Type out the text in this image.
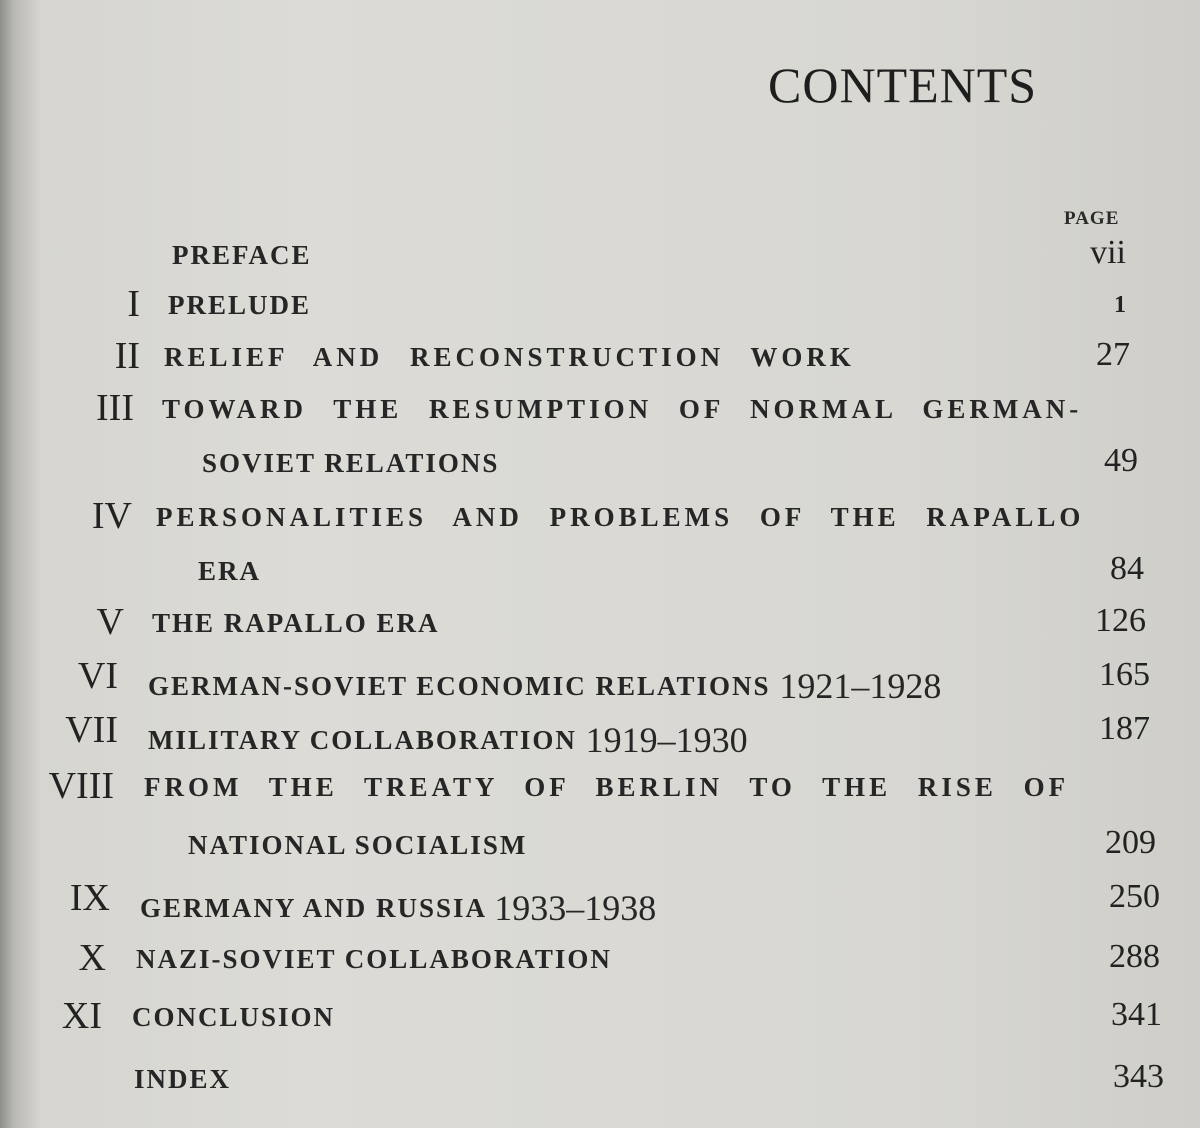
CONTENTS
PAGE
PREFACE	vii
I PRELUDE	1
II RELIEF AND RECONSTRUCTION WORK	27
III TOWARD THE RESUMPTION OF NORMAL GERMAN-
SOVIET RELATIONS	49
IV PERSONALITIES AND PROBLEMS OF THE RAPALLO
ERA	84
V THE RAPALLO ERA	126
VI GERMAN-SOVIET ECONOMIC RELATIONS 1921–1928	165
VII MILITARY COLLABORATION 1919–1930	187
VIII FROM THE TREATY OF BERLIN TO THE RISE OF
NATIONAL SOCIALISM	209
IX GERMANY AND RUSSIA 1933–1938	250
X NAZI-SOVIET COLLABORATION	288
XI CONCLUSION	341
INDEX	343
